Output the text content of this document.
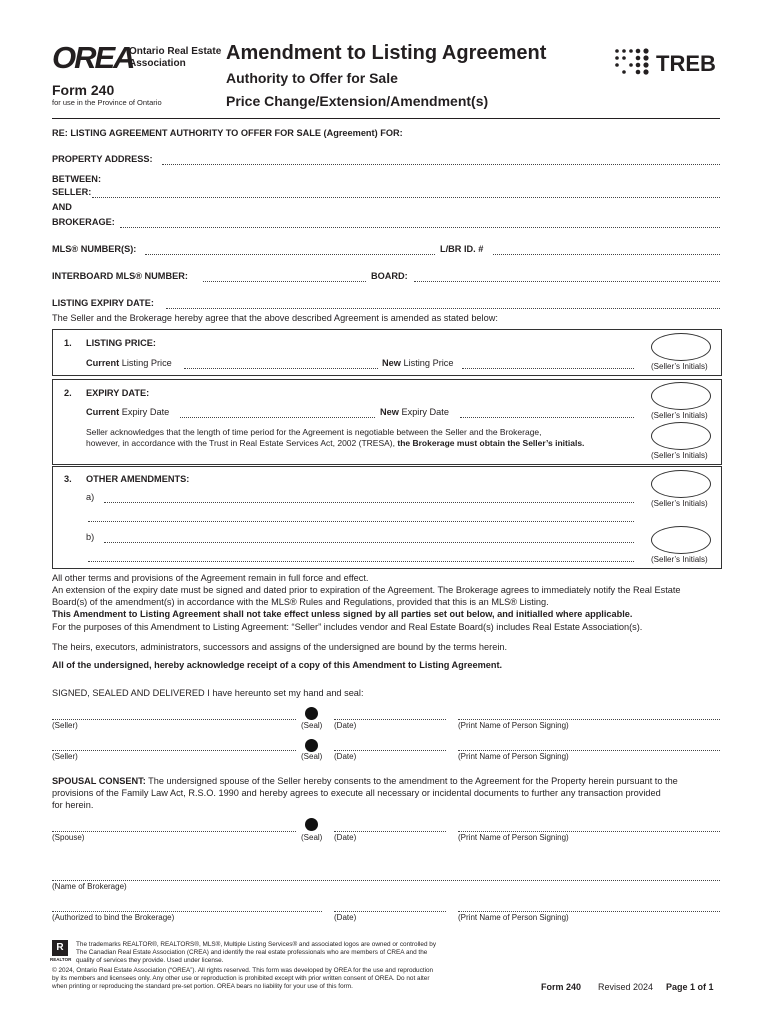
OREA
Ontario Real Estate
Association
Form 240
for use in the Province of Ontario
Amendment to Listing Agreement
Authority to Offer for Sale
Price Change/Extension/Amendment(s)
TREB
RE: LISTING AGREEMENT AUTHORITY TO OFFER FOR SALE (Agreement) FOR:
PROPERTY ADDRESS:
BETWEEN:
SELLER:
AND
BROKERAGE:
MLS® NUMBER(S):	L/BR ID. #
INTERBOARD MLS® NUMBER:	BOARD:
LISTING EXPIRY DATE:
The Seller and the Brokerage hereby agree that the above described Agreement is amended as stated below:
1. LISTING PRICE:
Current Listing Price	New Listing Price	(Seller’s Initials)
2. EXPIRY DATE:
Current Expiry Date	New Expiry Date	(Seller’s Initials)
Seller acknowledges that the length of time period for the Agreement is negotiable between the Seller and the Brokerage,
however, in accordance with the Trust in Real Estate Services Act, 2002 (TRESA), the Brokerage must obtain the Seller’s initials.
(Seller’s Initials)
3. OTHER AMENDMENTS:
a)
(Seller’s Initials)
b)
(Seller’s Initials)
All other terms and provisions of the Agreement remain in full force and effect.
An extension of the expiry date must be signed and dated prior to expiration of the Agreement. The Brokerage agrees to immediately notify the Real Estate
Board(s) of the amendment(s) in accordance with the MLS® Rules and Regulations, provided that this is an MLS® Listing.
This Amendment to Listing Agreement shall not take effect unless signed by all parties set out below, and initialled where applicable.
For the purposes of this Amendment to Listing Agreement: “Seller” includes vendor and Real Estate Board(s) includes Real Estate Association(s).
The heirs, executors, administrators, successors and assigns of the undersigned are bound by the terms herein.
All of the undersigned, hereby acknowledge receipt of a copy of this Amendment to Listing Agreement.
SIGNED, SEALED AND DELIVERED I have hereunto set my hand and seal:
(Seller)	(Seal) (Date)	(Print Name of Person Signing)
(Seller)	(Seal) (Date)	(Print Name of Person Signing)
SPOUSAL CONSENT: The undersigned spouse of the Seller hereby consents to the amendment to the Agreement for the Property herein pursuant to the
provisions of the Family Law Act, R.S.O. 1990 and hereby agrees to execute all necessary or incidental documents to further any transaction provided
for herein.
(Spouse)	(Seal) (Date)	(Print Name of Person Signing)
(Name of Brokerage)
(Authorized to bind the Brokerage)	(Date)	(Print Name of Person Signing)
R
REALTOR
The trademarks REALTOR®, REALTORS®, MLS®, Multiple Listing Services® and associated logos are owned or controlled by
The Canadian Real Estate Association (CREA) and identify the real estate professionals who are members of CREA and the
quality of services they provide. Used under license.
© 2024, Ontario Real Estate Association (“OREA”). All rights reserved. This form was developed by OREA for the use and reproduction
by its members and licensees only. Any other use or reproduction is prohibited except with prior written consent of OREA. Do not alter
when printing or reproducing the standard pre-set portion. OREA bears no liability for your use of this form.	Form 240 Revised 2024 Page 1 of 1
